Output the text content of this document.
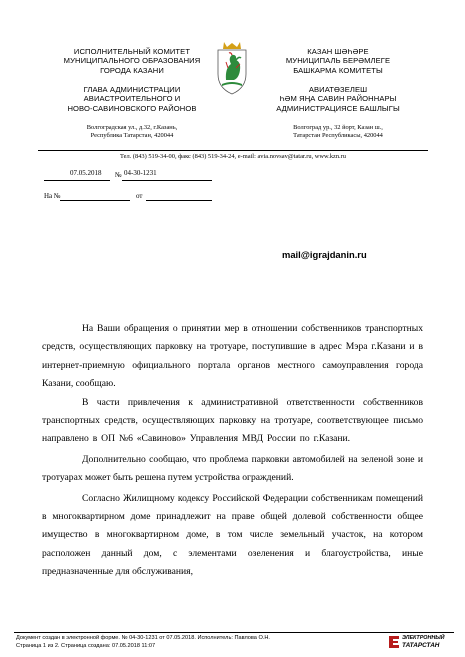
ИСПОЛНИТЕЛЬНЫЙ КОМИТЕТ
МУНИЦИПАЛЬНОГО ОБРАЗОВАНИЯ
ГОРОДА КАЗАНИ
ГЛАВА АДМИНИСТРАЦИИ
АВИАСТРОИТЕЛЬНОГО И
НОВО-САВИНОВСКОГО РАЙОНОВ
Волгоградская ул., д.32, г.Казань,
Республика Татарстан, 420044
КАЗАН ШӘҺӘРЕ
МУНИЦИПАЛЬ БЕРӘМЛЕГЕ
БАШКАРМА КОМИТЕТЫ
АВИАТӨЗЕЛЕШ
ҺӘМ ЯҢА САВИН РАЙОННАРЫ
АДМИНИСТРАЦИЯСЕ БАШЛЫГЫ
Волгоград ур., 32 йорт, Казан ш.,
Татарстан Республикасы, 420044
Тел. (843) 519-34-00, факс (843) 519-34-24, e-mail: avia.novsav@tatar.ru, www.kzn.ru
07.05.2018 № 04-30-1231
На №	от
mail@igrajdanin.ru
На Ваши обращения о принятии мер в отношении собственников транспортных средств, осуществляющих парковку на тротуаре, поступившие в адрес Мэра г.Казани и в интернет-приемную официального портала органов местного самоуправления города Казани, сообщаю.
В части привлечения к административной ответственности собственников транспортных средств, осуществляющих парковку на тротуаре, соответствующее письмо направлено в ОП №6 «Савиново» Управления МВД России по г.Казани.
Дополнительно сообщаю, что проблема парковки автомобилей на зеленой зоне и тротуарах может быть решена путем устройства ограждений.
Согласно Жилищному кодексу Российской Федерации собственникам помещений в многоквартирном доме принадлежит на праве общей долевой собственности общее имущество в многоквартирном доме, в том числе земельный участок, на котором расположен данный дом, с элементами озеленения и благоустройства, иные предназначенные для обслуживания,
Документ создан в электронной форме. № 04-30-1231 от 07.05.2018. Исполнитель: Павлова О.Н.
Страница 1 из 2. Страница создана: 07.05.2018 11:07
ЭЛЕКТРОННЫЙ
ТАТАРСТАН
